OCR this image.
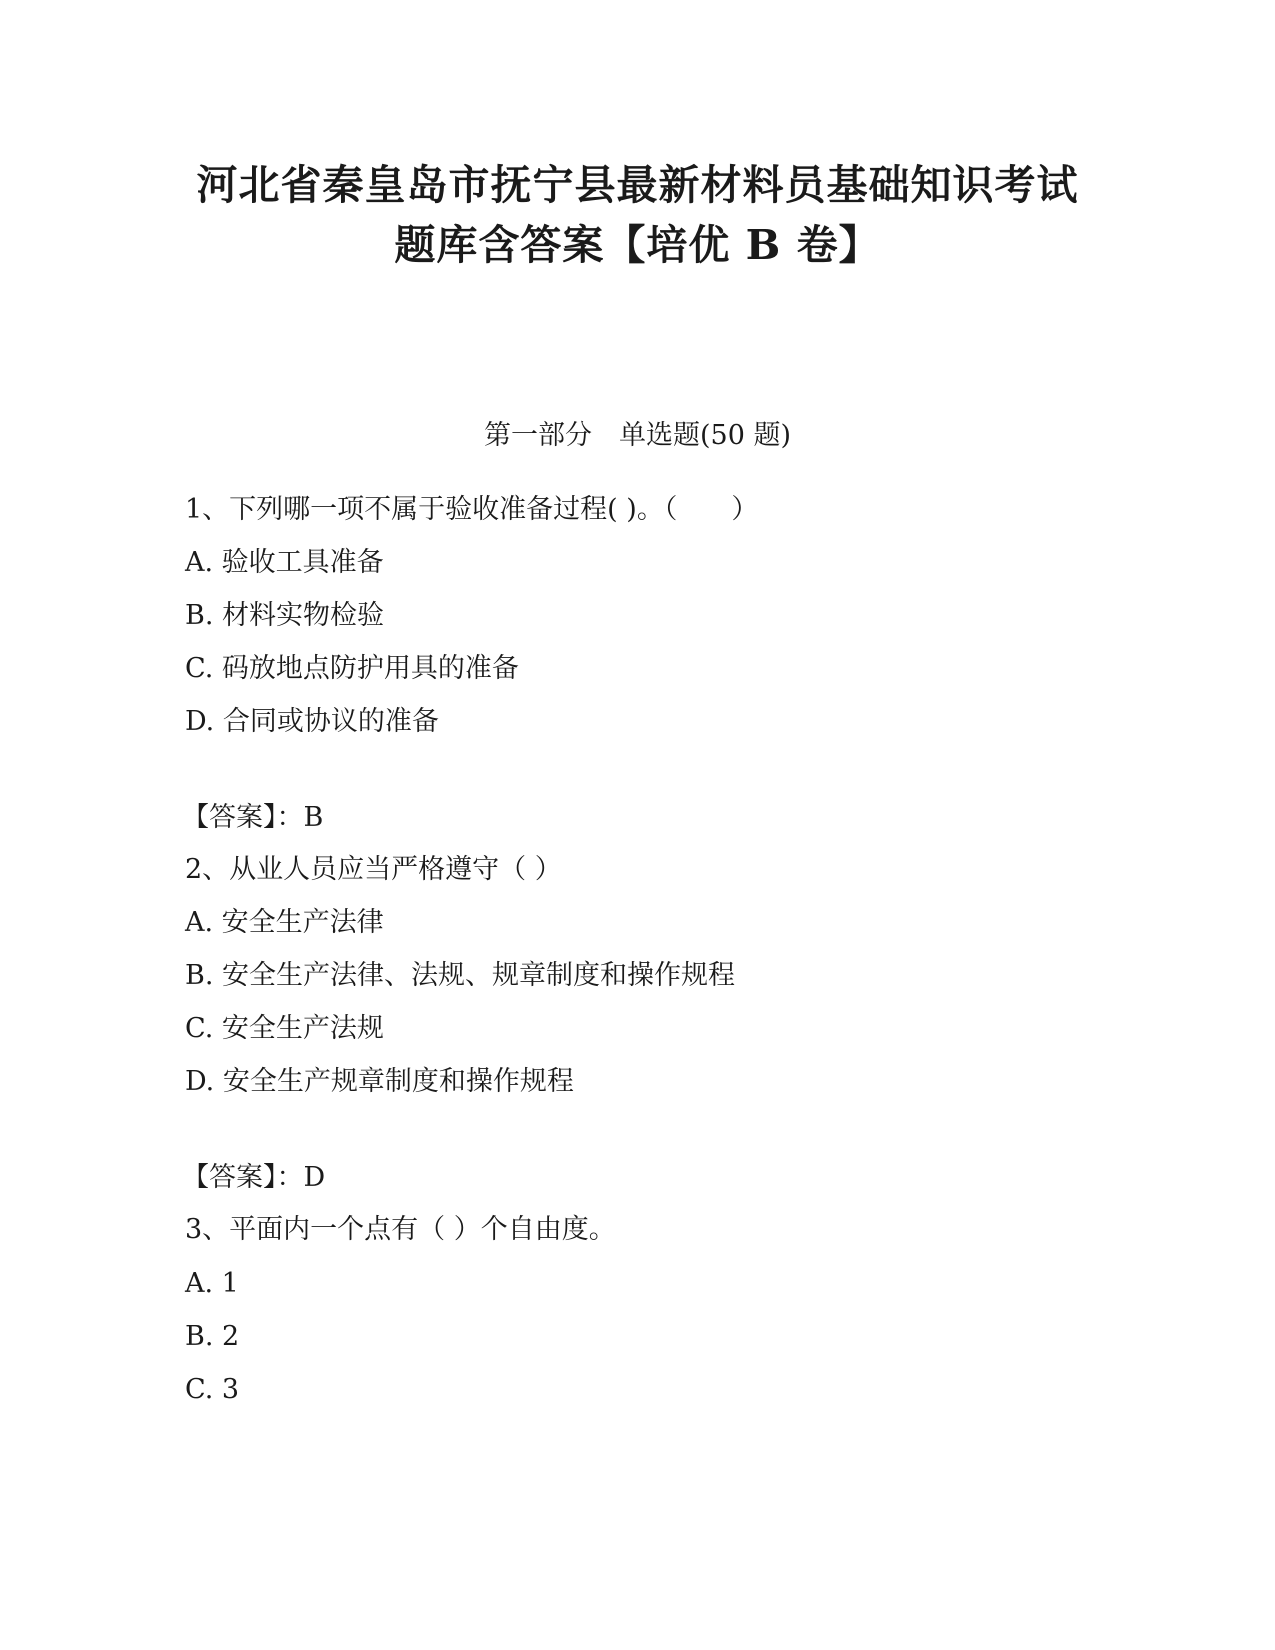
河北省秦皇岛市抚宁县最新材料员基础知识考试
题库含答案【培优 B 卷】
第一部分　单选题(50 题)
1、下列哪一项不属于验收准备过程( )。（　　）
A. 验收工具准备
B. 材料实物检验
C. 码放地点防护用具的准备
D. 合同或协议的准备
【答案】：B
2、从业人员应当严格遵守（ ）
A. 安全生产法律
B. 安全生产法律、法规、规章制度和操作规程
C. 安全生产法规
D. 安全生产规章制度和操作规程
【答案】：D
3、平面内一个点有（ ）个自由度。
A. 1
B. 2
C. 3
